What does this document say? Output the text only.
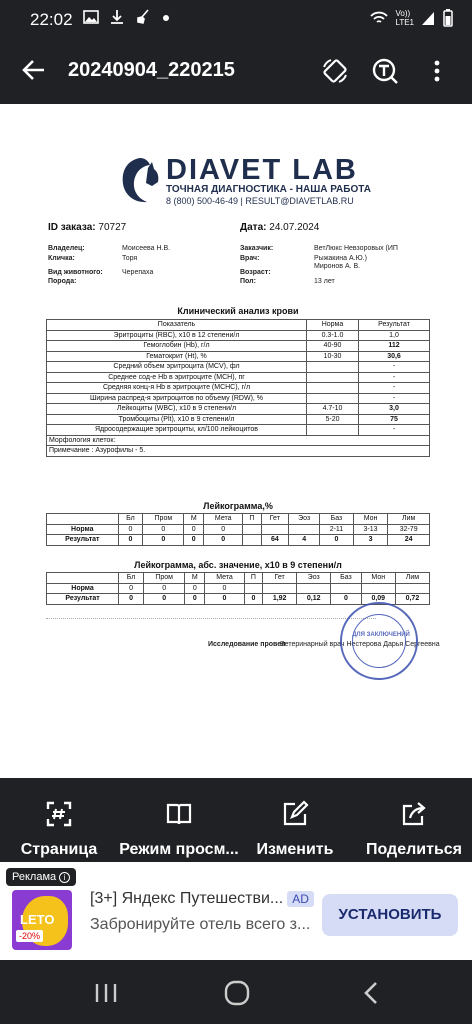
22:02	Vo))
LTE1
20240904_220215
DIAVET LAB
ТОЧНАЯ ДИАГНОСТИКА - НАША РАБОТА
8 (800) 500-46-49 | RESULT@DIAVETLAB.RU
ID заказа: 70727	Дата: 24.07.2024
Владелец:	Моисеева Н.В.
Кличка:	Торя
Вид животного:	Черепаха
Порода:
Заказчик:	ВетЛюкс Невзоровых (ИП
Врач:	Рыжакина А.Ю.)
Миронов А. В.
Возраст:
Пол:	13 лет
Клинический анализ крови
Показатель	Норма	Результат
Эритроциты (RBC), x10 в 12 степени/л	0.3-1.0	1,0
Гемоглобин (Hb), г/л	40-90	112
Гематокрит (Ht), %	10-30	30,6
Средний объем эритроцита (MCV), фл		-
Среднее сод-е Hb в эритроците (MCH), пг		-
Средняя конц-я Hb в эритроците (MCHC), г/л		-
Ширина распред-я эритроцитов по объему (RDW), %		-
Лейкоциты (WBC), x10 в 9 степени/л	4.7-10	3,0
Тромбоциты (Plt), x10 в 9 степени/л	5-20	75
Ядросодержащие эритроциты, кл/100 лейкоцитов		-
Морфология клеток:		
Примечание : Азурофилы - 5.		
Лейкограмма,%
	Бл	Пром	М	Мета	П	Гет	Эоз	Баз	Мон	Лим
Норма	0	0	0	0				2-11	3-13	32-79
Результат	0	0	0	0		64	4	0	3	24
Лейкограмма, абс. значение, x10 в 9 степени/л
	Бл	Пром	М	Мета	П	Гет	Эоз	Баз	Мон	Лим
Норма	0	0	0	0						
Результат	0	0	0	0	0	1,92	0,12	0	0,09	0,72
Исследование провел
Ветеринарный врач Нестерова Дарья Сергеевна
ДЛЯ ЗАКЛЮЧЕНИЙ
Страница	Режим просм...	Изменить	Поделиться
LETO
-20%
Реклама i
[3+] Яндекс Путешестви... AD
Забронируйте отель всего з...
УСТАНОВИТЬ
